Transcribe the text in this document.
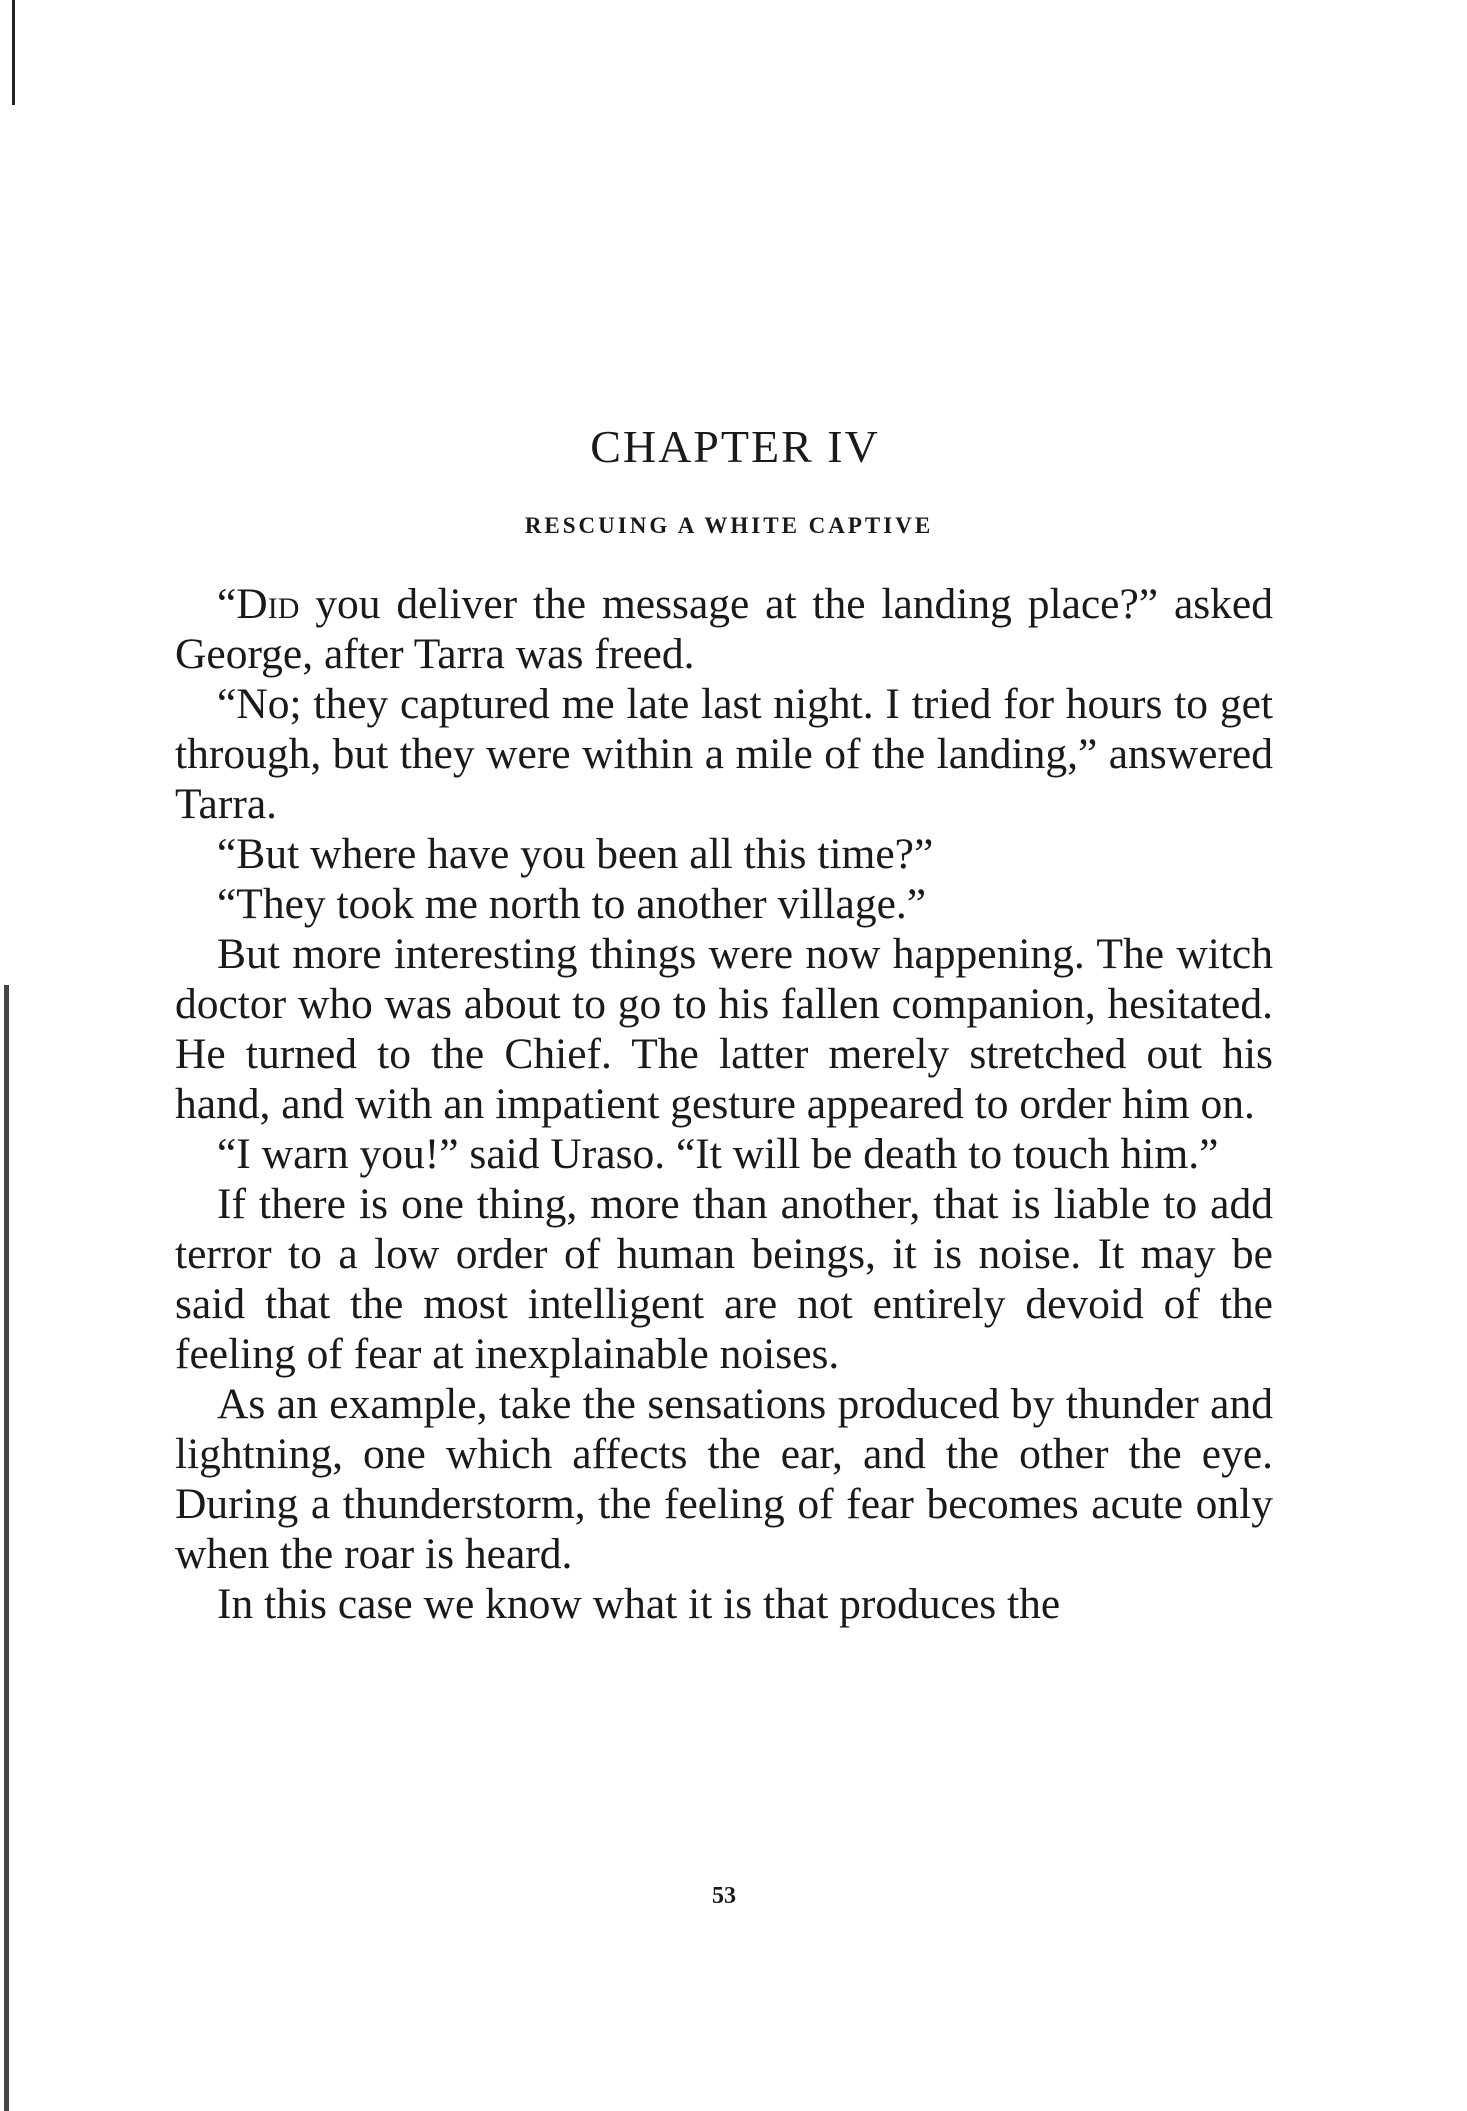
CHAPTER IV
RESCUING A WHITE CAPTIVE

“Did you deliver the message at the landing place?” asked George, after Tarra was freed.

“No; they captured me late last night. I tried for hours to get through, but they were within a mile of the landing,” answered Tarra.

“But where have you been all this time?”

“They took me north to another village.”

But more interesting things were now happening. The witch doctor who was about to go to his fallen companion, hesitated. He turned to the Chief. The latter merely stretched out his hand, and with an impatient gesture appeared to order him on.

“I warn you!” said Uraso. “It will be death to touch him.”

If there is one thing, more than another, that is liable to add terror to a low order of human beings, it is noise. It may be said that the most intelligent are not entirely devoid of the feeling of fear at inexplainable noises.

As an example, take the sensations produced by thunder and lightning, one which affects the ear, and the other the eye. During a thunderstorm, the feeling of fear becomes acute only when the roar is heard.

In this case we know what it is that produces the

53
